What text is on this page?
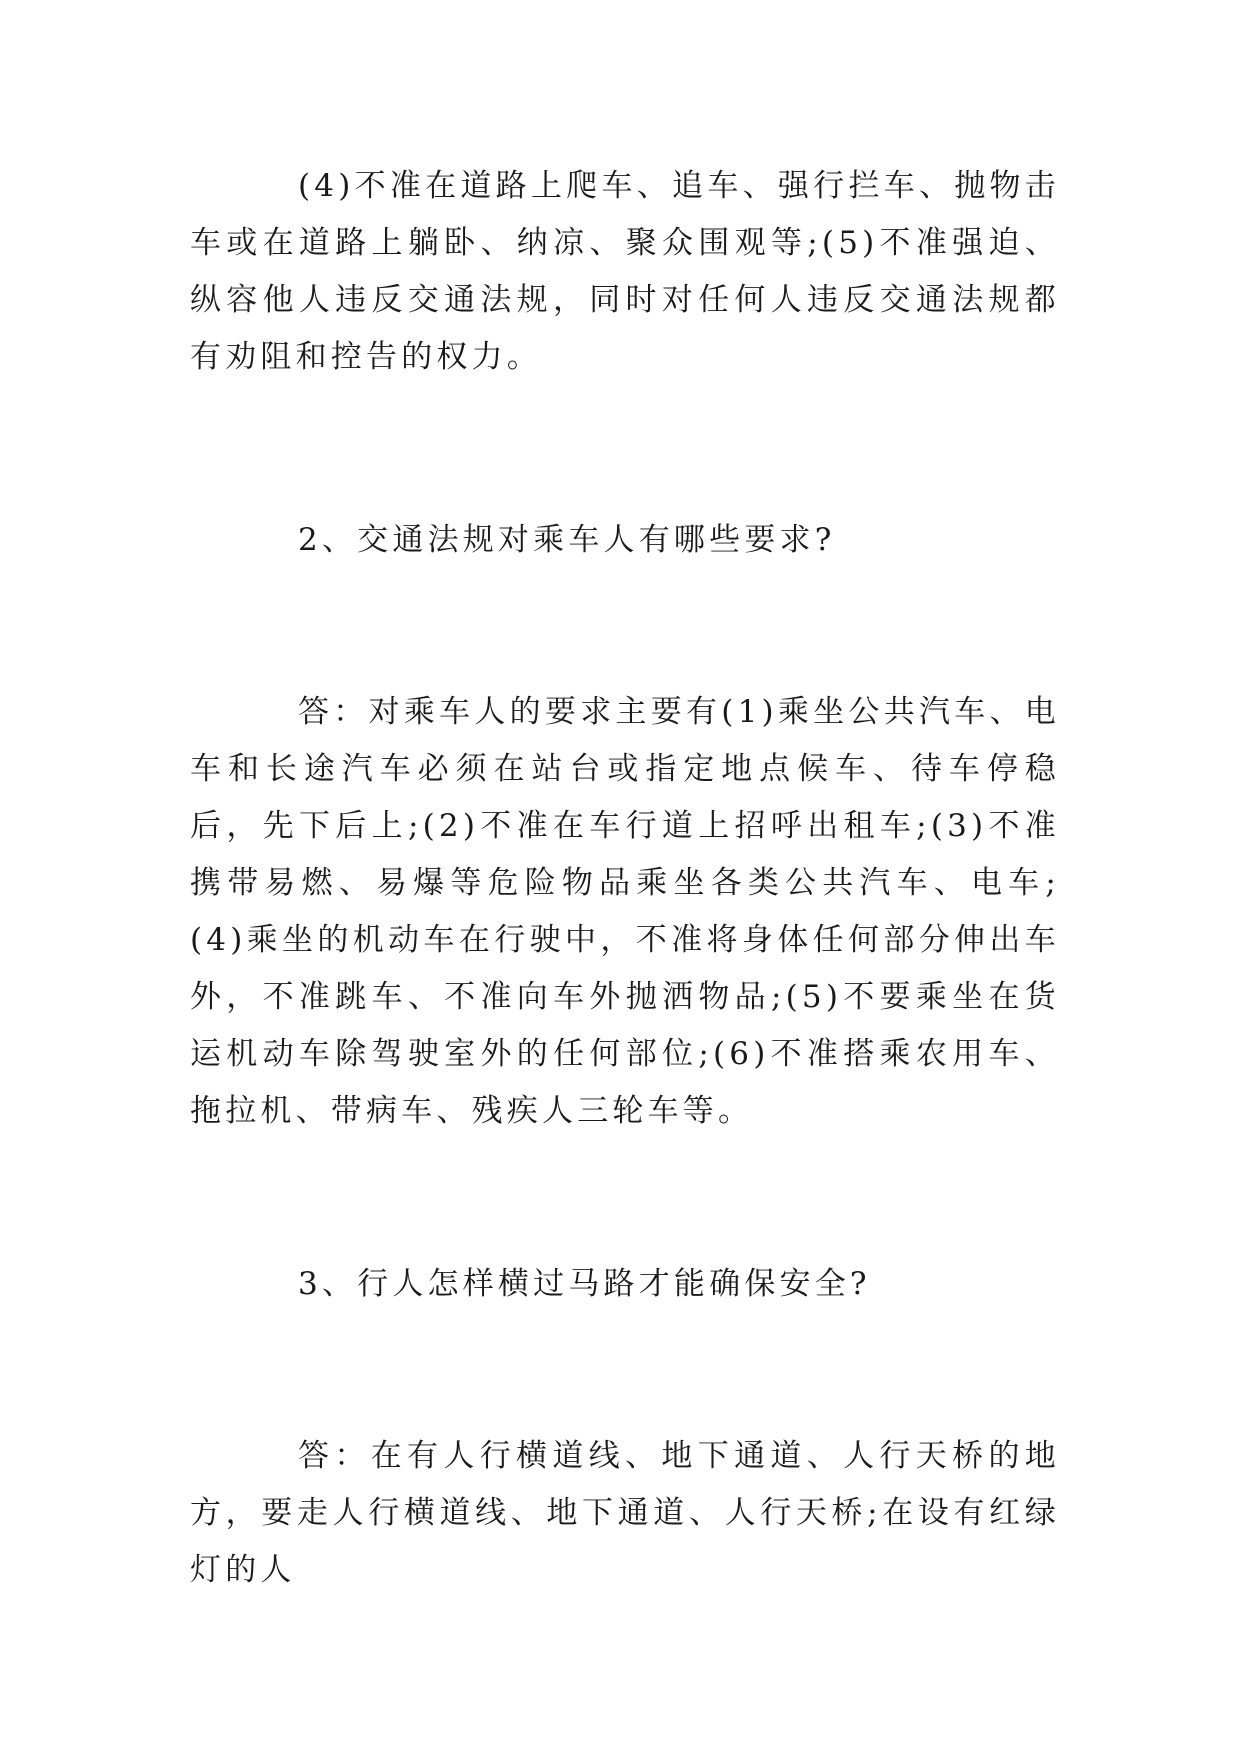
(4)不准在道路上爬车、追车、强行拦车、抛物击车或在道路上躺卧、纳凉、聚众围观等;(5)不准强迫、纵容他人违反交通法规，同时对任何人违反交通法规都有劝阻和控告的权力。

2、交通法规对乘车人有哪些要求?

答：对乘车人的要求主要有(1)乘坐公共汽车、电车和长途汽车必须在站台或指定地点候车、待车停稳后，先下后上;(2)不准在车行道上招呼出租车;(3)不准携带易燃、易爆等危险物品乘坐各类公共汽车、电车;(4)乘坐的机动车在行驶中，不准将身体任何部分伸出车外，不准跳车、不准向车外抛洒物品;(5)不要乘坐在货运机动车除驾驶室外的任何部位;(6)不准搭乘农用车、拖拉机、带病车、残疾人三轮车等。

3、行人怎样横过马路才能确保安全?

答：在有人行横道线、地下通道、人行天桥的地方，要走人行横道线、地下通道、人行天桥;在设有红绿灯的人
